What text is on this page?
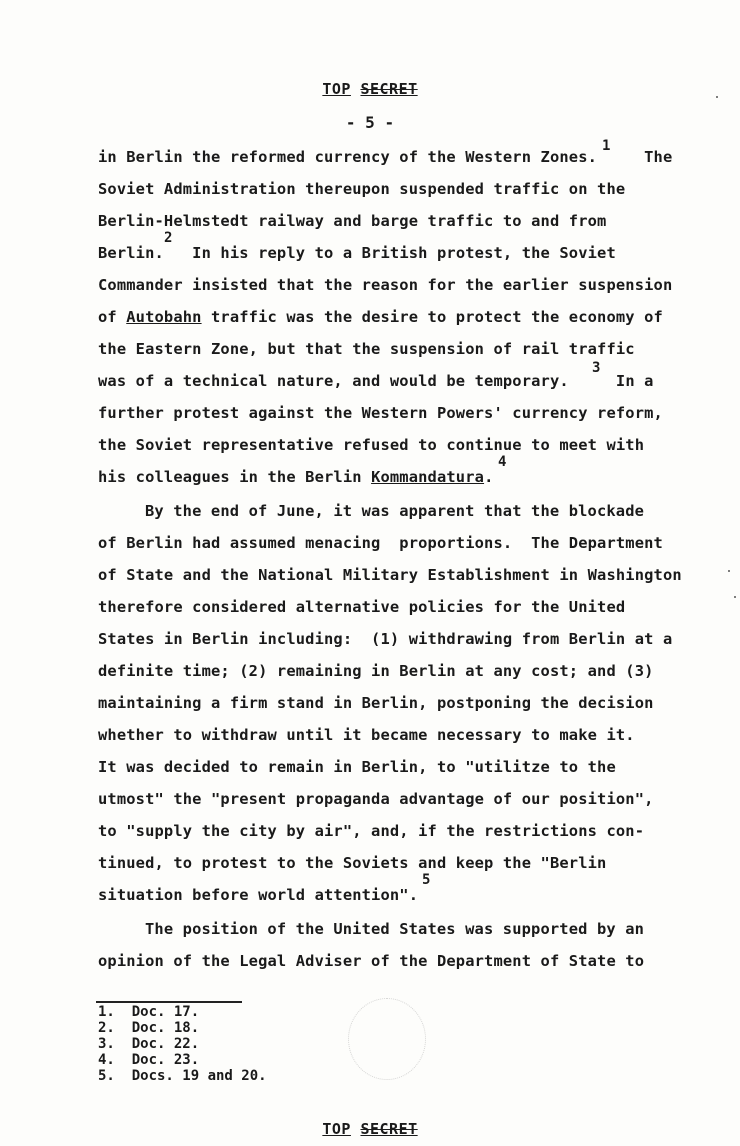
TOP SECRET
- 5 -
in Berlin the reformed currency of the Western Zones.	The
1
Soviet Administration thereupon suspended traffic on the
Berlin-Helmstedt railway and barge traffic to and from
Berlin. In his reply to a British protest, the Soviet
2
Commander insisted that the reason for the earlier suspension
of Autobahn traffic was the desire to protect the economy of
the Eastern Zone, but that the suspension of rail traffic
was of a technical nature, and would be temporary.	In a
3
further protest against the Western Powers' currency reform,
the Soviet representative refused to continue to meet with
his colleagues in the Berlin Kommandatura.
4
By the end of June, it was apparent that the blockade
of Berlin had assumed menacing  proportions.  The Department
of State and the National Military Establishment in Washington
therefore considered alternative policies for the United
States in Berlin including:  (1) withdrawing from Berlin at a
definite time; (2) remaining in Berlin at any cost; and (3)
maintaining a firm stand in Berlin, postponing the decision
whether to withdraw until it became necessary to make it.
It was decided to remain in Berlin, to "utilitze to the
utmost" the "present propaganda advantage of our position",
to "supply the city by air", and, if the restrictions con-
tinued, to protest to the Soviets and keep the "Berlin
situation before world attention".
5
The position of the United States was supported by an
opinion of the Legal Adviser of the Department of State to
1.  Doc. 17.
2.  Doc. 18.
3.  Doc. 22.
4.  Doc. 23.
5.  Docs. 19 and 20.
TOP SECRET
